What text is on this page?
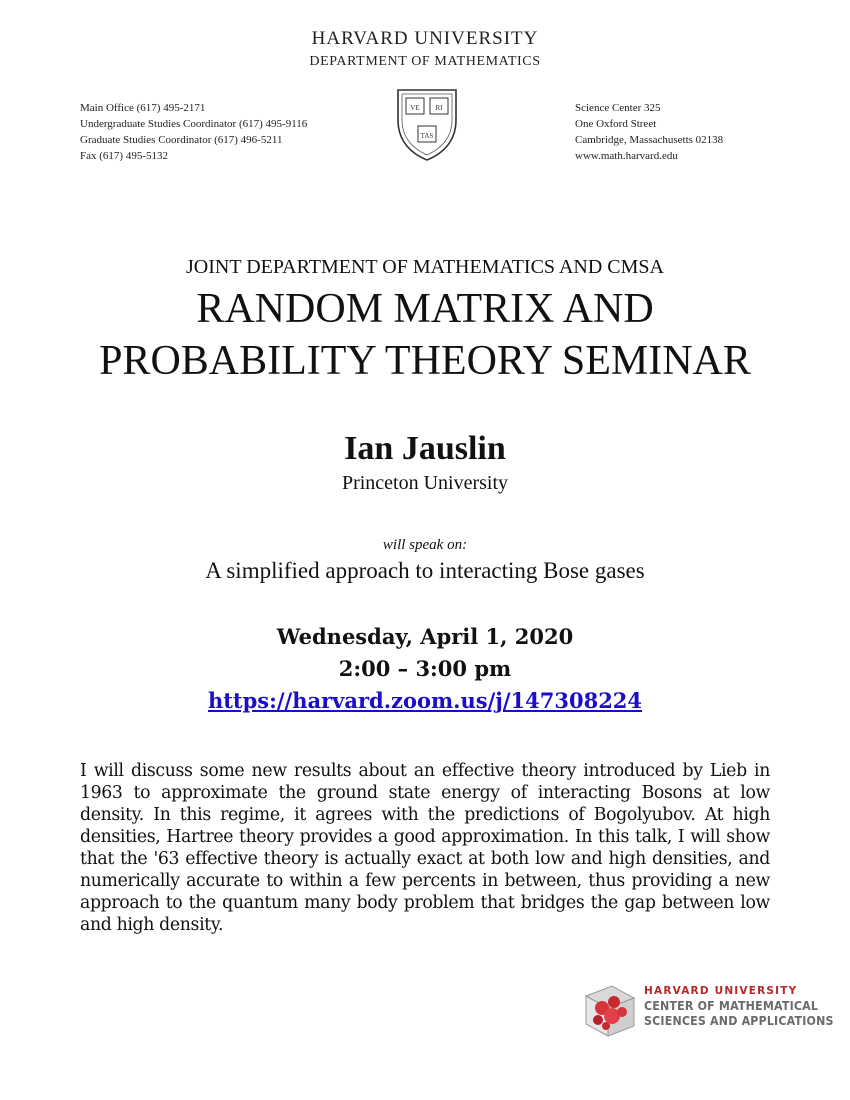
HARVARD UNIVERSITY
DEPARTMENT OF MATHEMATICS
Main Office (617) 495-2171
Undergraduate Studies Coordinator (617) 495-9116
Graduate Studies Coordinator (617) 496-5211
Fax (617) 495-5132
VE RI
TAS
Science Center 325
One Oxford Street
Cambridge, Massachusetts 02138
www.math.harvard.edu
JOINT DEPARTMENT OF MATHEMATICS AND CMSA
RANDOM MATRIX AND
PROBABILITY THEORY SEMINAR
Ian Jauslin
Princeton University
will speak on:
A simplified approach to interacting Bose gases
Wednesday, April 1, 2020
2:00 – 3:00 pm
https://harvard.zoom.us/j/147308224
I will discuss some new results about an effective theory introduced by Lieb in 1963 to approximate the ground state energy of interacting Bosons at low density. In this regime, it agrees with the predictions of Bogolyubov. At high densities, Hartree theory provides a good approximation. In this talk, I will show that the '63 effective theory is actually exact at both low and high densities, and numerically accurate to within a few percents in between, thus providing a new approach to the quantum many body problem that bridges the gap between low and high density.
HARVARD UNIVERSITY
CENTER OF MATHEMATICAL
SCIENCES AND APPLICATIONS
